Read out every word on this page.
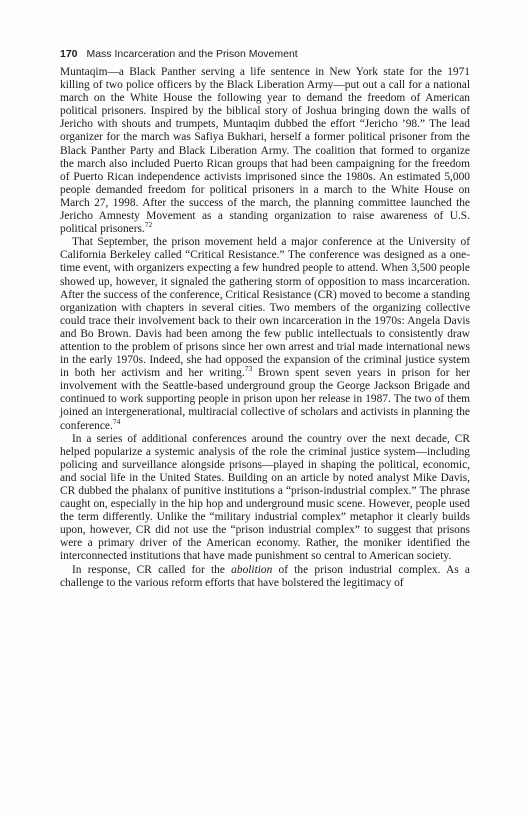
170 Mass Incarceration and the Prison Movement

Muntaqim—a Black Panther serving a life sentence in New York state for the 1971 killing of two police officers by the Black Liberation Army—put out a call for a national march on the White House the following year to demand the freedom of American political prisoners. Inspired by the biblical story of Joshua bringing down the walls of Jericho with shouts and trumpets, Muntaqim dubbed the effort “Jericho ’98.” The lead organizer for the march was Safiya Bukhari, herself a former political prisoner from the Black Panther Party and Black Liberation Army. The coalition that formed to organize the march also included Puerto Rican groups that had been campaigning for the freedom of Puerto Rican independence activists imprisoned since the 1980s. An estimated 5,000 people demanded freedom for political prisoners in a march to the White House on March 27, 1998. After the success of the march, the planning committee launched the Jericho Amnesty Movement as a standing organization to raise awareness of U.S. political prisoners.$^{72}$

That September, the prison movement held a major conference at the University of California Berkeley called “Critical Resistance.” The conference was designed as a one-time event, with organizers expecting a few hundred people to attend. When 3,500 people showed up, however, it signaled the gathering storm of opposition to mass incarceration. After the success of the conference, Critical Resistance (CR) moved to become a standing organization with chapters in several cities. Two members of the organizing collective could trace their involvement back to their own incarceration in the 1970s: Angela Davis and Bo Brown. Davis had been among the few public intellectuals to consistently draw attention to the problem of prisons since her own arrest and trial made international news in the early 1970s. Indeed, she had opposed the expansion of the criminal justice system in both her activism and her writing.$^{73}$ Brown spent seven years in prison for her involvement with the Seattle-based underground group the George Jackson Brigade and continued to work supporting people in prison upon her release in 1987. The two of them joined an intergenerational, multiracial collective of scholars and activists in planning the conference.$^{74}$

In a series of additional conferences around the country over the next decade, CR helped popularize a systemic analysis of the role the criminal justice system—including policing and surveillance alongside prisons—played in shaping the political, economic, and social life in the United States. Building on an article by noted analyst Mike Davis, CR dubbed the phalanx of punitive institutions a “prison-industrial complex.” The phrase caught on, especially in the hip hop and underground music scene. However, people used the term differently. Unlike the “military industrial complex” metaphor it clearly builds upon, however, CR did not use the “prison industrial complex” to suggest that prisons were a primary driver of the American economy. Rather, the moniker identified the interconnected institutions that have made punishment so central to American society.

In response, CR called for the abolition of the prison industrial complex. As a challenge to the various reform efforts that have bolstered the legitimacy of
